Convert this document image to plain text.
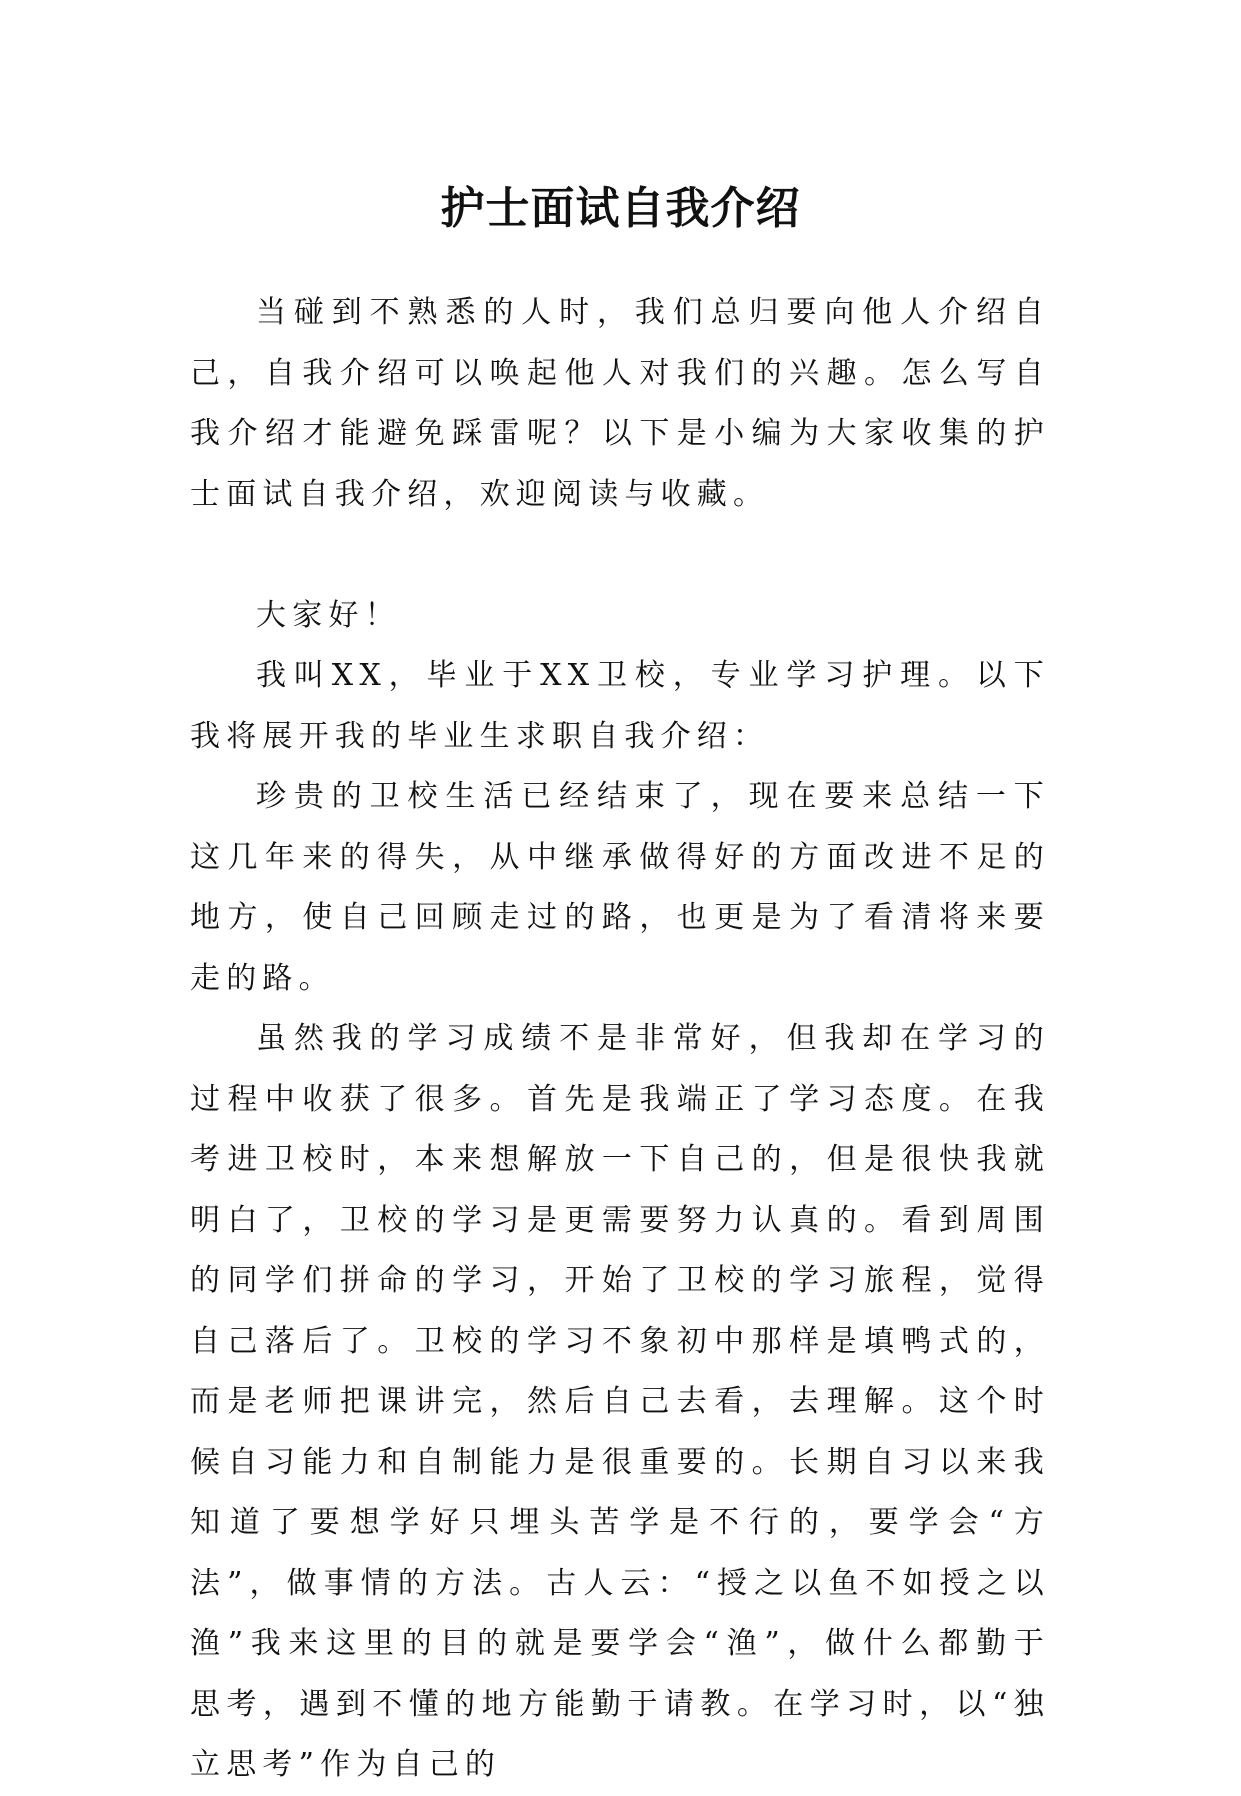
护士面试自我介绍

当碰到不熟悉的人时，我们总归要向他人介绍自己，自我介绍可以唤起他人对我们的兴趣。怎么写自我介绍才能避免踩雷呢？以下是小编为大家收集的护士面试自我介绍，欢迎阅读与收藏。

大家好！

我叫XX，毕业于XX卫校，专业学习护理。以下我将展开我的毕业生求职自我介绍：

珍贵的卫校生活已经结束了，现在要来总结一下这几年来的得失，从中继承做得好的方面改进不足的地方，使自己回顾走过的路，也更是为了看清将来要走的路。

虽然我的学习成绩不是非常好，但我却在学习的过程中收获了很多。首先是我端正了学习态度。在我考进卫校时，本来想解放一下自己的，但是很快我就明白了，卫校的学习是更需要努力认真的。看到周围的同学们拼命的学习，开始了卫校的学习旅程，觉得自己落后了。卫校的学习不象初中那样是填鸭式的，而是老师把课讲完，然后自己去看，去理解。这个时候自习能力和自制能力是很重要的。长期自习以来我知道了要想学好只埋头苦学是不行的，要学会“方法”，做事情的方法。古人云：“授之以鱼不如授之以渔”我来这里的目的就是要学会“渔”，做什么都勤于思考，遇到不懂的地方能勤于请教。在学习时，以“独立思考”作为自己的
